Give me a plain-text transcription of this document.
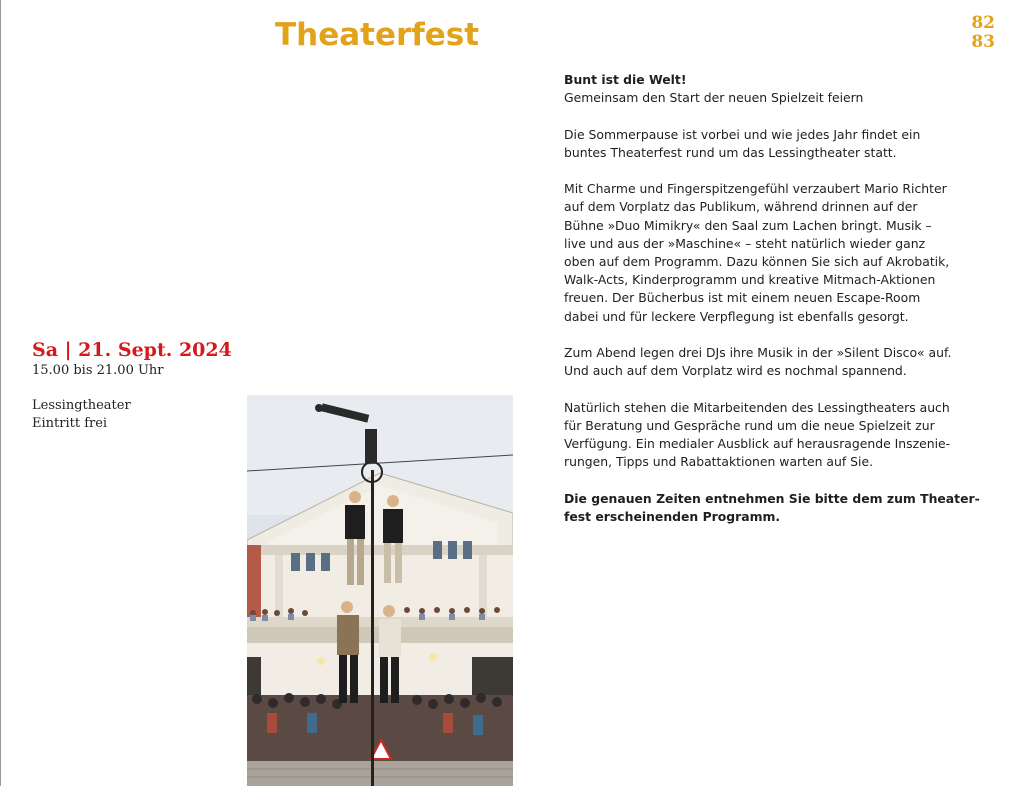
Theaterfest	82
83
Sa | 21. Sept. 2024
15.00 bis 21.00 Uhr
Lessingtheater
Eintritt frei

Bunt ist die Welt!
Gemeinsam den Start der neuen Spielzeit feiern

Die Sommerpause ist vorbei und wie jedes Jahr findet ein
buntes Theaterfest rund um das Lessingtheater statt.

Mit Charme und Fingerspitzengefühl verzaubert Mario Richter
auf dem Vorplatz das Publikum, während drinnen auf der
Bühne »Duo Mimikry« den Saal zum Lachen bringt. Musik –
live und aus der »Maschine« – steht natürlich wieder ganz
oben auf dem Programm. Dazu können Sie sich auf Akrobatik,
Walk-Acts, Kinderprogramm und kreative Mitmach-Aktionen
freuen. Der Bücherbus ist mit einem neuen Escape-Room
dabei und für leckere Verpflegung ist ebenfalls gesorgt.

Zum Abend legen drei DJs ihre Musik in der »Silent Disco« auf.
Und auch auf dem Vorplatz wird es nochmal spannend.

Natürlich stehen die Mitarbeitenden des Lessingtheaters auch
für Beratung und Gespräche rund um die neue Spielzeit zur
Verfügung. Ein medialer Ausblick auf herausragende Inszenie-
rungen, Tipps und Rabattaktionen warten auf Sie.

Die genauen Zeiten entnehmen Sie bitte dem zum Theater-
fest erscheinenden Programm.
